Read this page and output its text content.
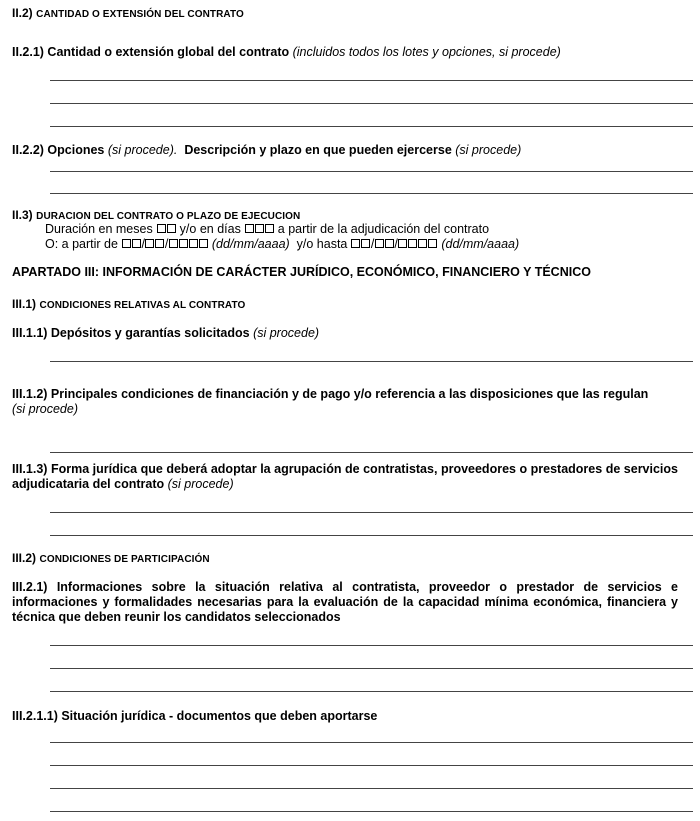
II.2) CANTIDAD O EXTENSIÓN DEL CONTRATO
II.2.1) Cantidad o extensión global del contrato (incluidos todos los lotes y opciones, si procede)
II.2.2) Opciones (si procede). Descripción y plazo en que pueden ejercerse (si procede)
II.3) DURACION DEL CONTRATO O PLAZO DE EJECUCION
Duración en meses y/o en días	a partir de la adjudicación del contrato
O: a partir de / /	(dd/mm/aaaa) y/o hasta / /	(dd/mm/aaaa)
APARTADO III: INFORMACIÓN DE CARÁCTER JURÍDICO, ECONÓMICO, FINANCIERO Y TÉCNICO
III.1) CONDICIONES RELATIVAS AL CONTRATO
III.1.1) Depósitos y garantías solicitados (si procede)
III.1.2) Principales condiciones de financiación y de pago y/o referencia a las disposiciones que las regulan
(si procede)
III.1.3) Forma jurídica que deberá adoptar la agrupación de contratistas, proveedores o prestadores de servicios adjudicataria del contrato (si procede)
III.2) CONDICIONES DE PARTICIPACIÓN
III.2.1) Informaciones sobre la situación relativa al contratista, proveedor o prestador de servicios e informaciones y formalidades necesarias para la evaluación de la capacidad mínima económica, financiera y técnica que deben reunir los candidatos seleccionados
III.2.1.1) Situación jurídica - documentos que deben aportarse
